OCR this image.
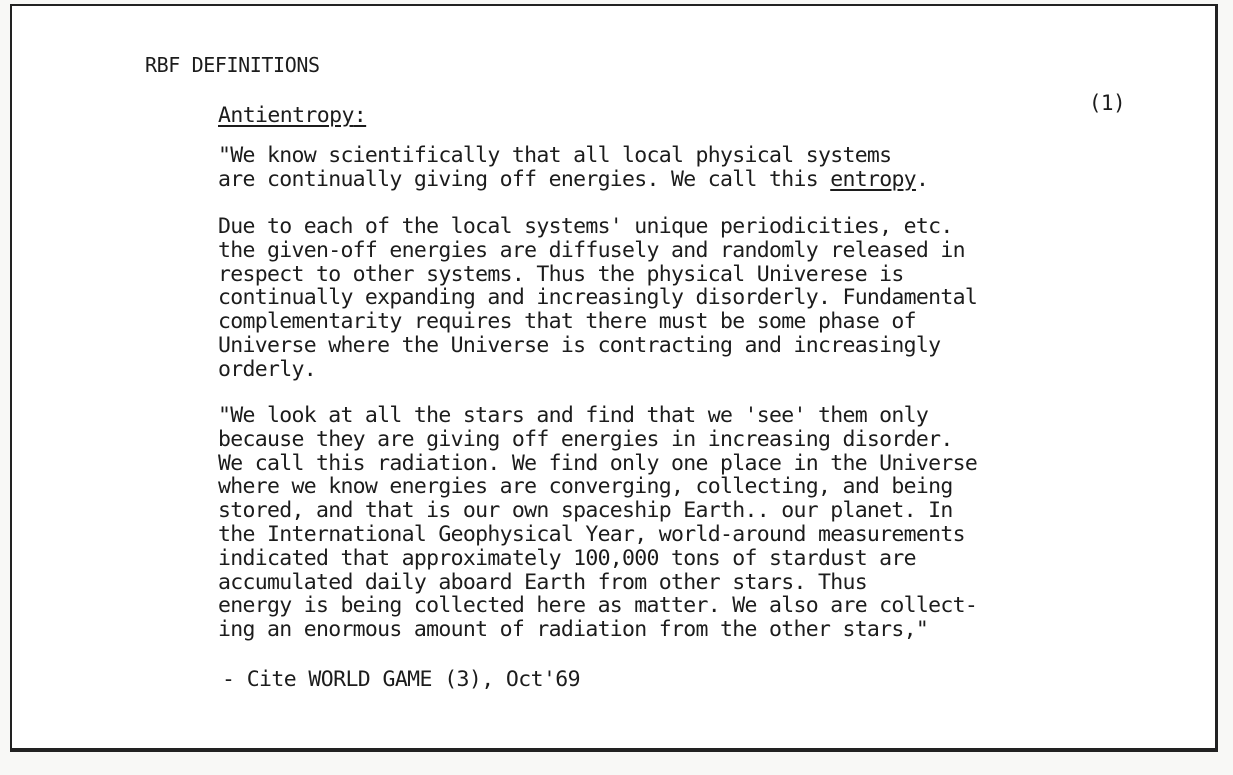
RBF DEFINITIONS
Antientropy:	(1)
"We know scientifically that all local physical systems
are continually giving off energies. We call this entropy.
Due to each of the local systems' unique periodicities, etc.
the given-off energies are diffusely and randomly released in
respect to other systems. Thus the physical Univerese is
continually expanding and increasingly disorderly. Fundamental
complementarity requires that there must be some phase of
Universe where the Universe is contracting and increasingly
orderly.
"We look at all the stars and find that we 'see' them only
because they are giving off energies in increasing disorder.
We call this radiation. We find only one place in the Universe
where we know energies are converging, collecting, and being
stored, and that is our own spaceship Earth.. our planet. In
the International Geophysical Year, world-around measurements
indicated that approximately 100,000 tons of stardust are
accumulated daily aboard Earth from other stars. Thus
energy is being collected here as matter. We also are collect-
ing an enormous amount of radiation from the other stars,"
- Cite WORLD GAME (3), Oct'69
